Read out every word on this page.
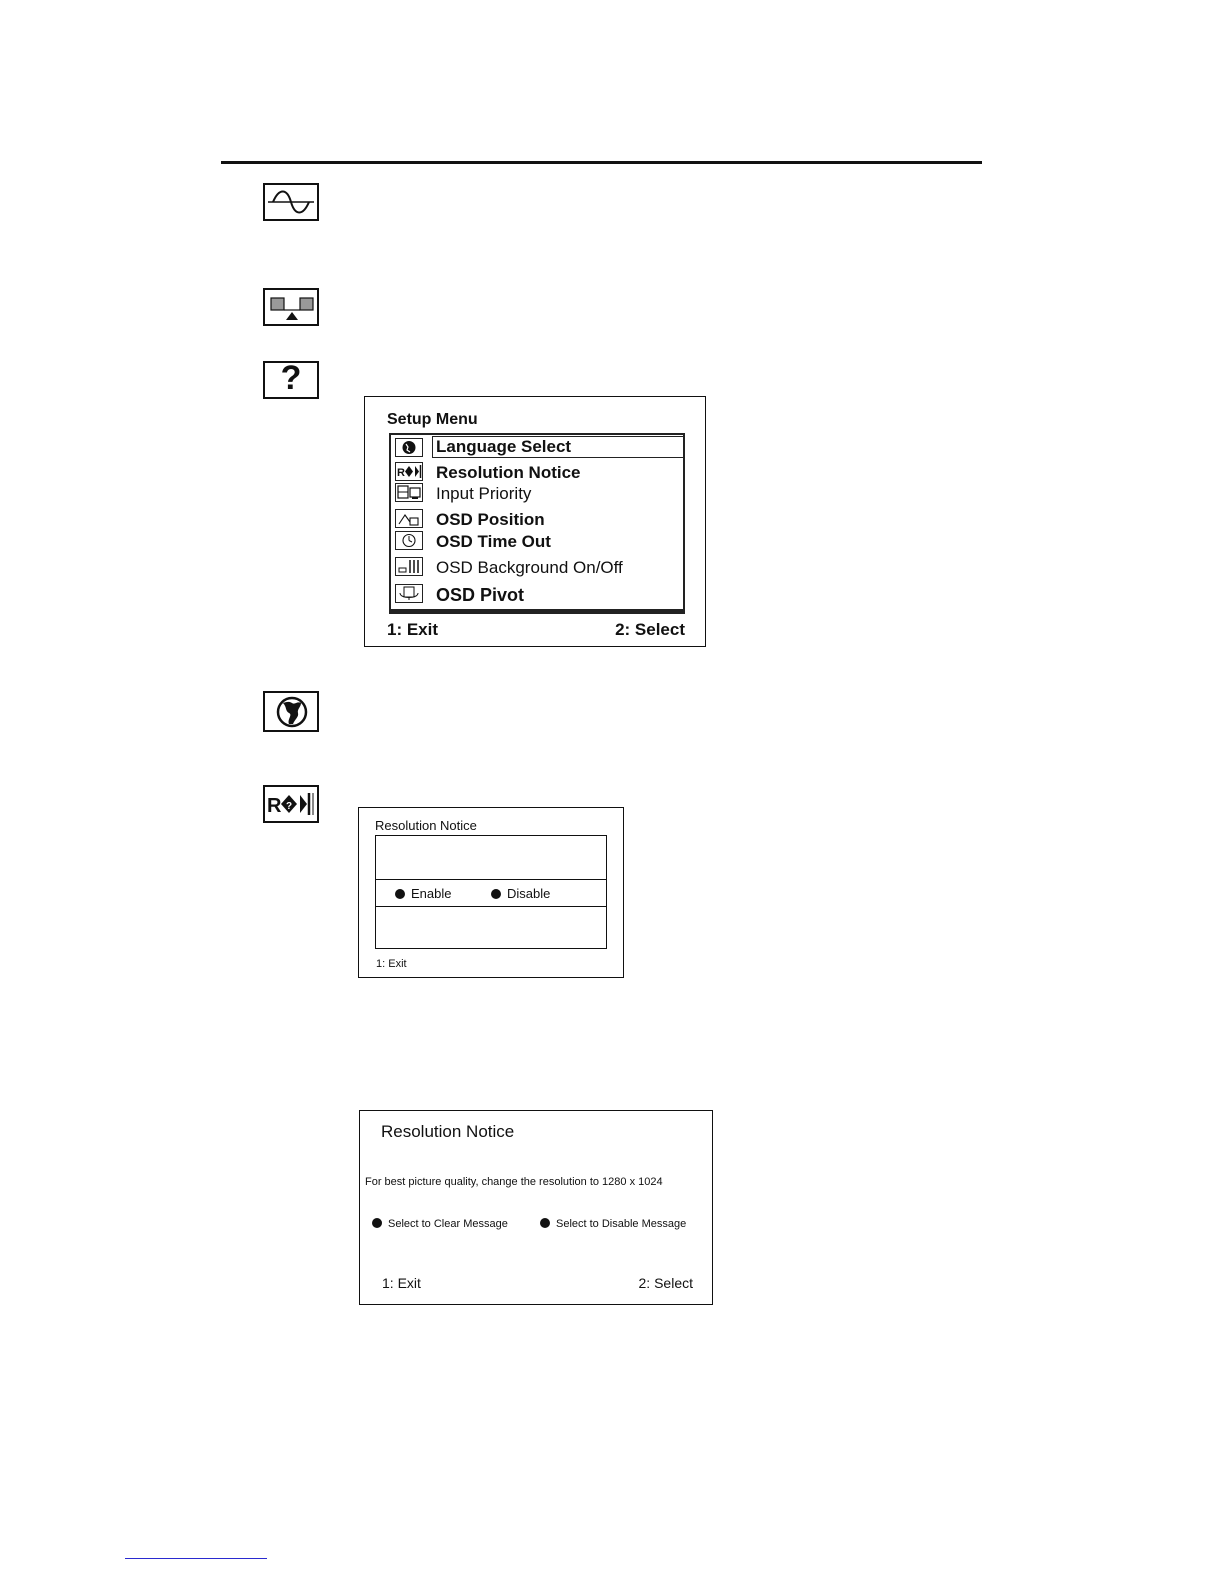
?
R ?
Setup Menu
Language Select
R Resolution Notice
Input Priority
OSD Position
OSD Time Out
OSD Background On/Off
OSD Pivot
1: Exit	2: Select
Resolution Notice
Enable	Disable
1: Exit
Resolution Notice
For best picture quality, change the resolution to 1280 x 1024
Select to Clear Message	Select to Disable Message
1: Exit	2: Select
